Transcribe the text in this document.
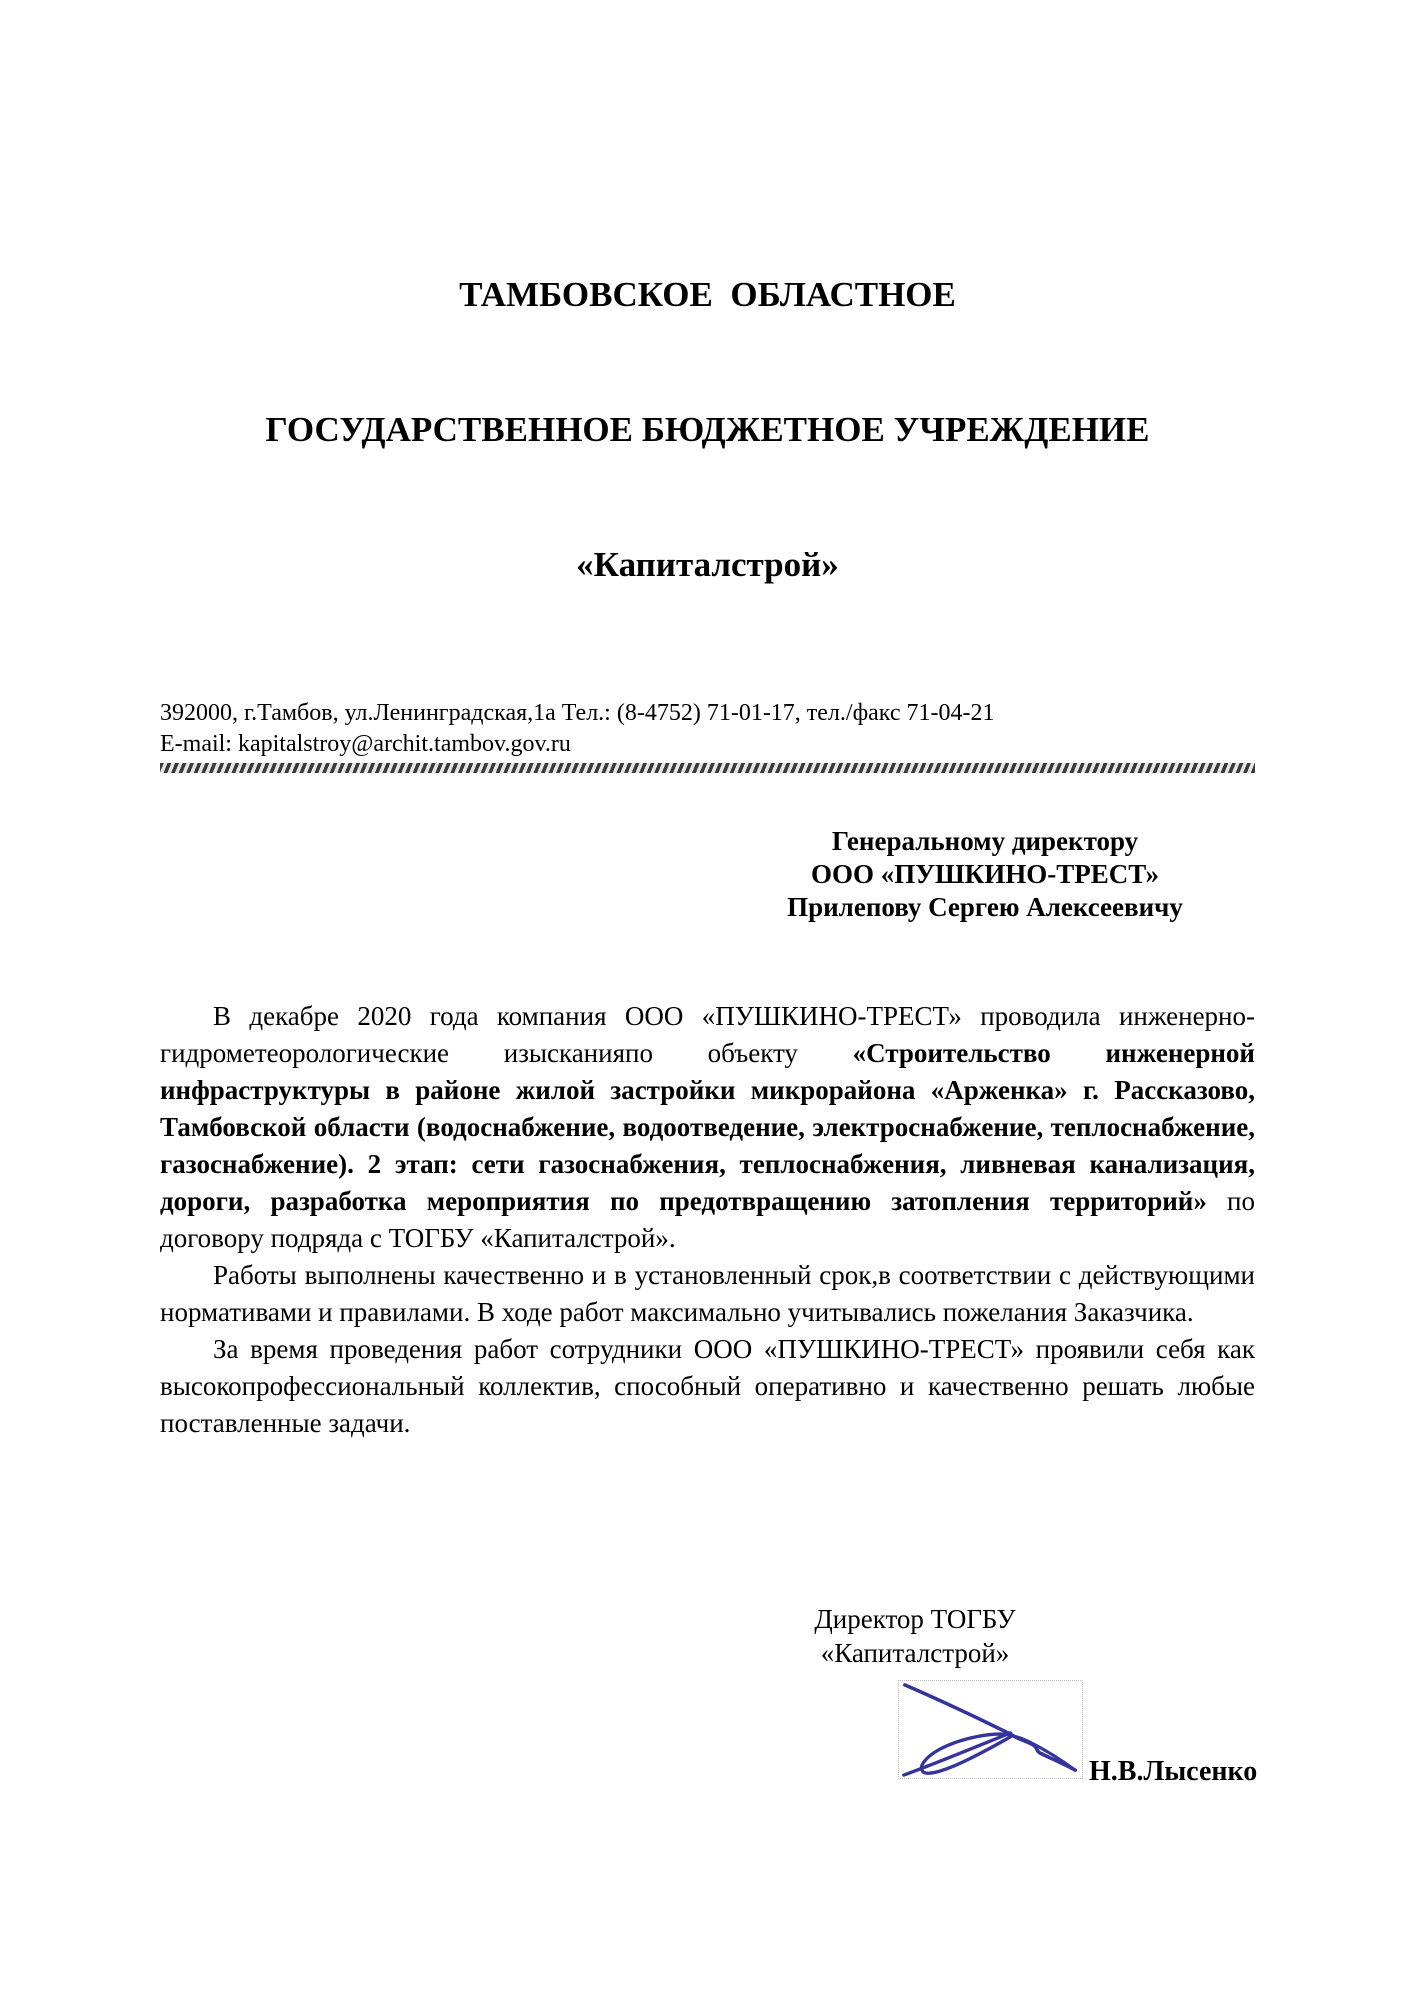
ТАМБОВСКОЕ  ОБЛАСТНОЕ

ГОСУДАРСТВЕННОЕ БЮДЖЕТНОЕ УЧРЕЖДЕНИЕ

«Капиталстрой»

392000, г.Тамбов, ул.Ленинградская,1а Тел.: (8-4752) 71-01-17, тел./факс 71-04-21
E-mail: kapitalstroy@archit.tambov.gov.ru
Генеральному директору
ООО «ПУШКИНО-ТРЕСТ»
Прилепову Сергею Алексеевичу

В декабре 2020 года компания ООО «ПУШКИНО-ТРЕСТ» проводила инженерно-гидрометеорологические изысканияпо объекту «Строительство инженерной инфраструктуры в районе жилой застройки микрорайона «Арженка» г. Рассказово, Тамбовской области (водоснабжение, водоотведение, электроснабжение, теплоснабжение, газоснабжение). 2 этап: сети газоснабжения, теплоснабжения, ливневая канализация, дороги, разработка мероприятия по предотвращению затопления территорий» по договору подряда с ТОГБУ «Капиталстрой».

Работы выполнены качественно и в установленный срок,в соответствии с действующими нормативами и правилами. В ходе работ максимально учитывались пожелания Заказчика.

За время проведения работ сотрудники ООО «ПУШКИНО-ТРЕСТ» проявили себя как высокопрофессиональный коллектив, способный оперативно и качественно решать любые поставленные задачи.

Директор ТОГБУ
«Капиталстрой»
Н.В.Лысенко
